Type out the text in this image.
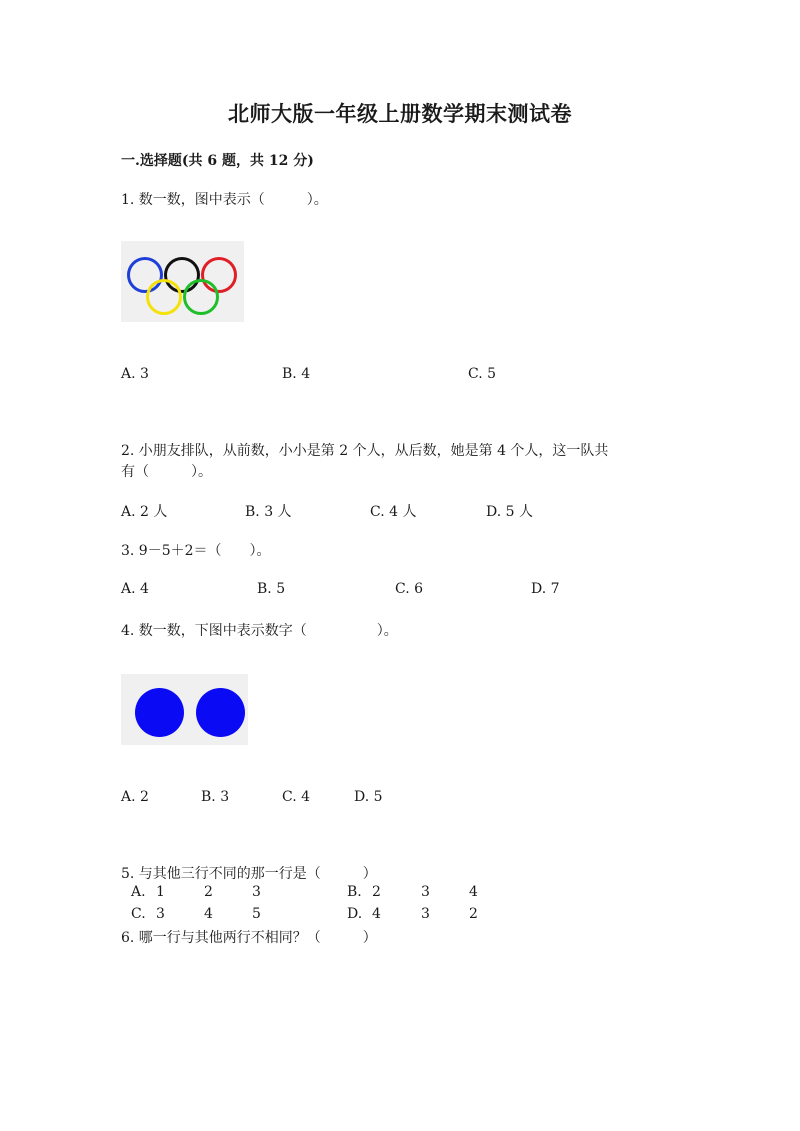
北师大版一年级上册数学期末测试卷
一.选择题(共 6 题，共 12 分)
1. 数一数，图中表示（　　　）。
A. 3	B. 4	C. 5
2. 小朋友排队，从前数，小小是第 2 个人，从后数，她是第 4 个人，这一队共
有（　　　）。
A. 2 人	B. 3 人	C. 4 人	D. 5 人
3. 9－5＋2＝（　　）。
A. 4	B. 5	C. 6	D. 7
4. 数一数，下图中表示数字（　　　　　）。
A. 2	B. 3	C. 4	D. 5
5. 与其他三行不同的那一行是（　　　）
A. 1	2	3	B. 2	3	4
C. 3	4	5	D. 4	3	2
6. 哪一行与其他两行不相同？（　　　）
